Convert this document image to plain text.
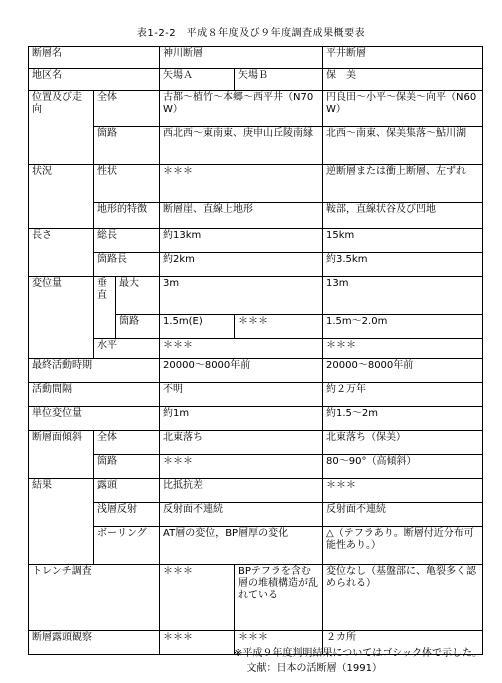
表1-2-2　平成８年度及び９年度調査成果概要表
断層名			神川断層		平井断層
地区名			矢場Ａ	矢場Ｂ	保　美
位置及び走向	全体		古都～植竹～本郷～西平井（N70W）		円良田～小平～保美～向平（N60W）
	箇路		西北西～東南東、庚申山丘陵南縁		北西～南東、保美集落～鮎川湖
状況	性状		＊＊＊		逆断層または衝上断層、左ずれ
	地形的特徴		断層崖、直線上地形		鞍部，直線状谷及び凹地
長さ	総長		約13km		15km
	箇路長		約2km		約3.5km
変位量	垂直	最大	3m		13m
		箇路	1.5m(E)	＊＊＊	1.5m～2.0m
	水平		＊＊＊		＊＊＊
最終活動時期			20000～8000年前		20000～8000年前
活動間隔			不明		約２万年
単位変位量			約1m		約1.5～2m
断層面傾斜	全体		北東落ち		北東落ち（保美）
	箇路		＊＊＊		80～90°（高傾斜）
結果	露頭		比抵抗差		＊＊＊
	浅層反射		反射面不連続		反射面不連続
	ボーリング		AT層の変位，BP層厚の変化		△（テフラあり。断層付近分布可能性あり。）
トレンチ調査			＊＊＊	BPテフラを含む層の堆積構造が乱れている	変位なし（基盤部に、亀裂多く認められる）
断層露頭観察			＊＊＊	＊＊＊	２カ所
※平成９年度判明結果についてはゴシック体で示した。
文献：日本の活断層（1991）
